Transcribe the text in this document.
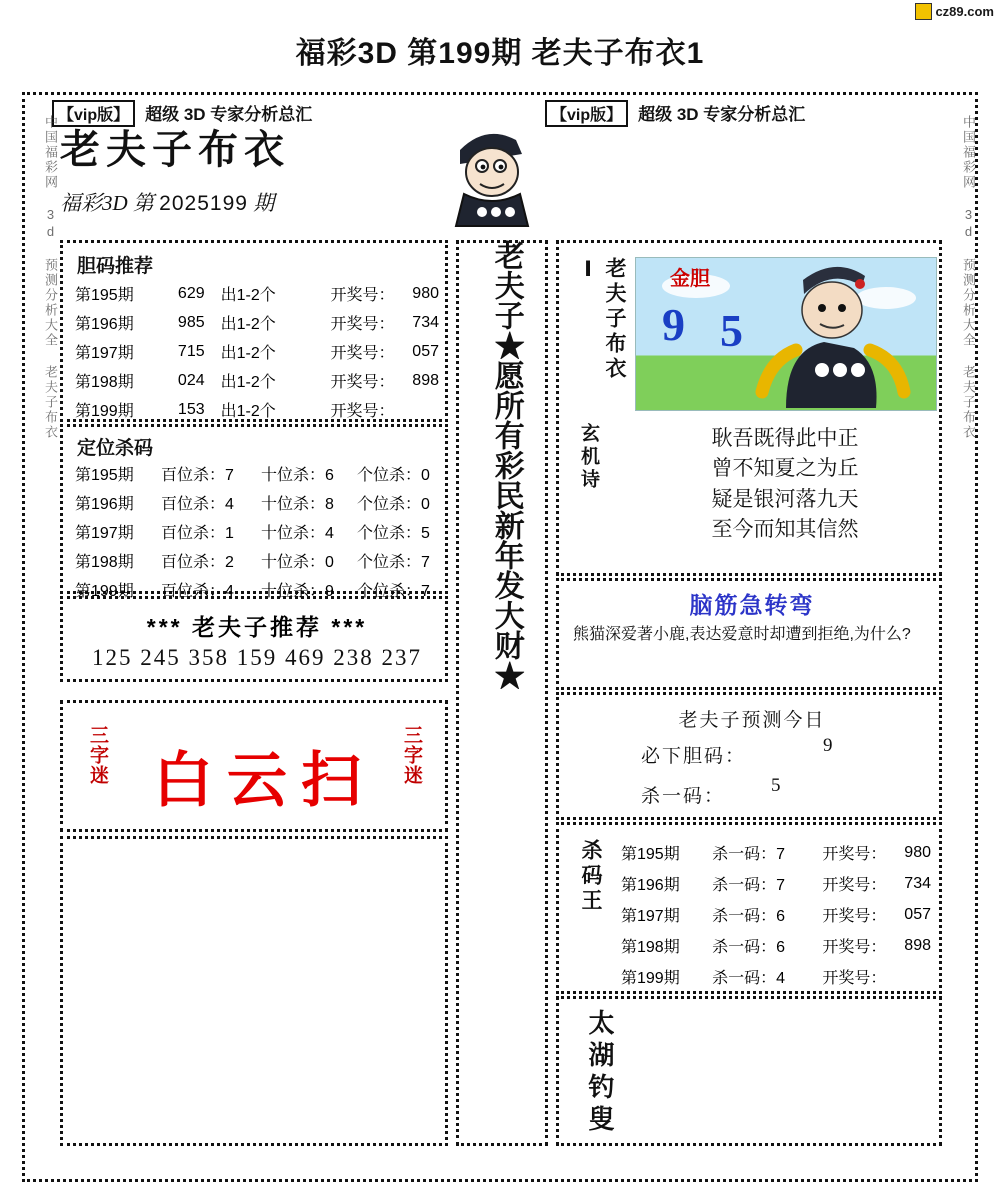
cz89.com
福彩3D 第199期 老夫子布衣1
【vip版】 超级 3D 专家分析总汇	【vip版】 超级 3D 专家分析总汇
中国福彩网 3d 预测分析大全 老夫子布衣	中国福彩网 3d 预测分析大全 老夫子布衣
老夫子布衣
福彩3D 第 2025199 期
胆码推荐
第195期	629	出1-2个	开奖号：	980
第196期	985	出1-2个	开奖号：	734
第197期	715	出1-2个	开奖号：	057
第198期	024	出1-2个	开奖号：	898
第199期	153	出1-2个	开奖号：	
定位杀码
第195期	百位杀：7	十位杀：6	个位杀：0
第196期	百位杀：4	十位杀：8	个位杀：0
第197期	百位杀：1	十位杀：4	个位杀：5
第198期	百位杀：2	十位杀：0	个位杀：7
第199期	百位杀：4	十位杀：9	个位杀：7
*** 老夫子推荐 ***
125 245 358 159 469 238 237
三字迷 白云扫 三字迷
老夫子★愿所有彩民新年发大财★	老夫子布衣Ⅰ
玄机诗
金胆
9 5
耿吾既得此中正
曾不知夏之为丘
疑是银河落九天
至今而知其信然
脑筋急转弯
熊猫深爱著小鹿,表达爱意时却遭到拒绝,为什么?
老夫子预测今日
必下胆码：
9
杀一码：
5
杀码王 第195期	杀一码：7	开奖号：	980
第196期	杀一码：7	开奖号：	734
第197期	杀一码：6	开奖号：	057
第198期	杀一码：6	开奖号：	898
第199期	杀一码：4	开奖号：	
太湖钓叟
